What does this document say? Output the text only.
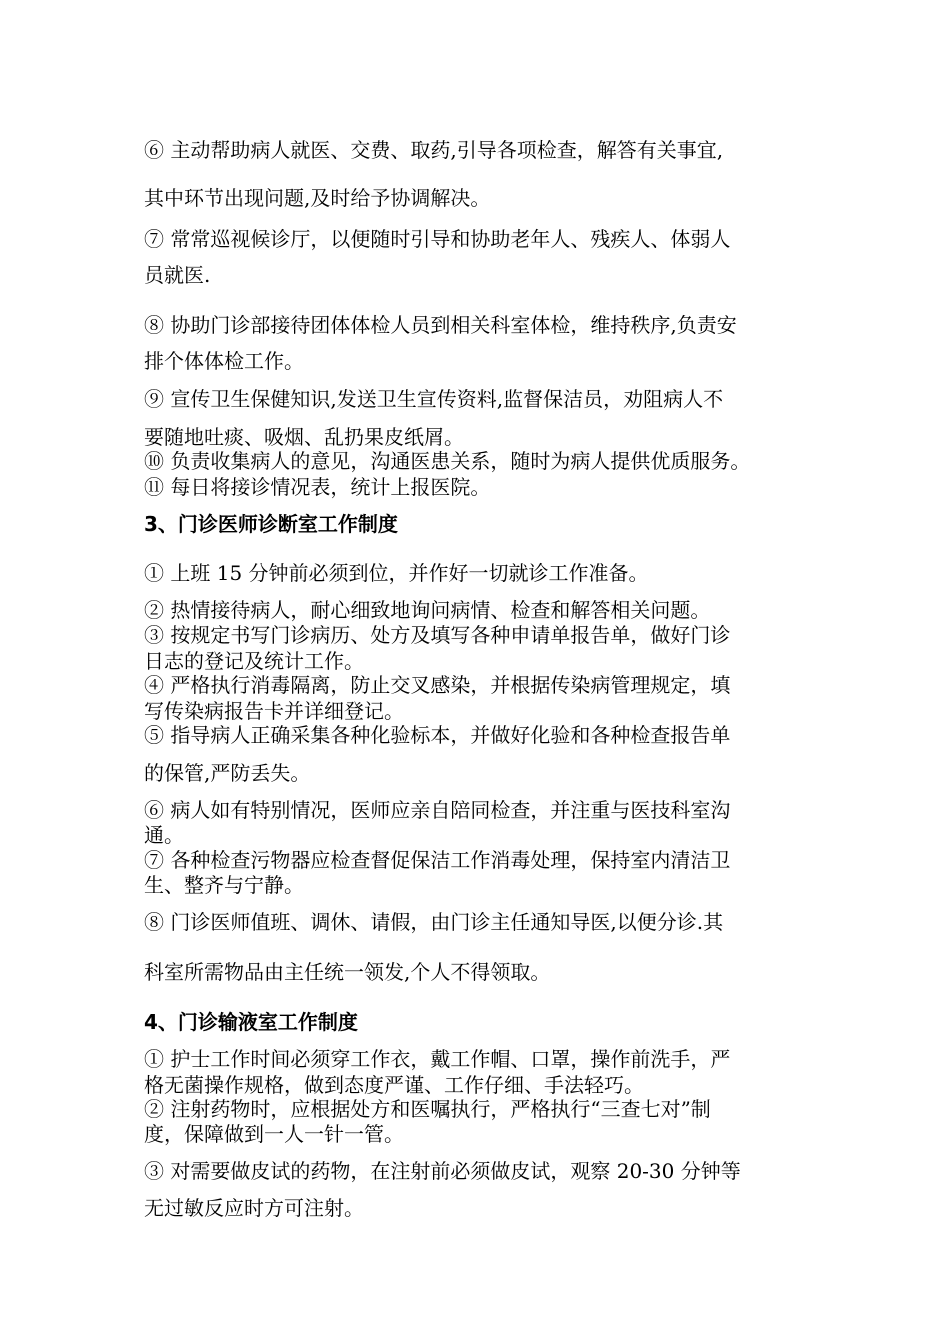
⑥ 主动帮助病人就医、交费、取药,引导各项检查，解答有关事宜,

其中环节出现问题,及时给予协调解决。

⑦ 常常巡视候诊厅，以便随时引导和协助老年人、残疾人、体弱人

员就医.

⑧ 协助门诊部接待团体体检人员到相关科室体检，维持秩序,负责安

排个体体检工作。

⑨ 宣传卫生保健知识,发送卫生宣传资料,监督保洁员，劝阻病人不

要随地吐痰、吸烟、乱扔果皮纸屑。

⑩ 负责收集病人的意见，沟通医患关系，随时为病人提供优质服务。

⑪ 每日将接诊情况表，统计上报医院。

3、门诊医师诊断室工作制度

① 上班 15 分钟前必须到位，并作好一切就诊工作准备。

② 热情接待病人，耐心细致地询问病情、检查和解答相关问题。

③ 按规定书写门诊病历、处方及填写各种申请单报告单，做好门诊

日志的登记及统计工作。

④ 严格执行消毒隔离，防止交叉感染，并根据传染病管理规定，填

写传染病报告卡并详细登记。

⑤ 指导病人正确采集各种化验标本，并做好化验和各种检查报告单

的保管,严防丢失。

⑥ 病人如有特别情况，医师应亲自陪同检查，并注重与医技科室沟

通。

⑦ 各种检查污物器应检查督促保洁工作消毒处理，保持室内清洁卫

生、整齐与宁静。

⑧ 门诊医师值班、调休、请假，由门诊主任通知导医,以便分诊.其

科室所需物品由主任统一领发,个人不得领取。

4、门诊输液室工作制度

① 护士工作时间必须穿工作衣，戴工作帽、口罩，操作前洗手，严

格无菌操作规格，做到态度严谨、工作仔细、手法轻巧。

② 注射药物时，应根据处方和医嘱执行，严格执行“三查七对”制

度，保障做到一人一针一管。

③ 对需要做皮试的药物，在注射前必须做皮试，观察 20-30 分钟等

无过敏反应时方可注射。
